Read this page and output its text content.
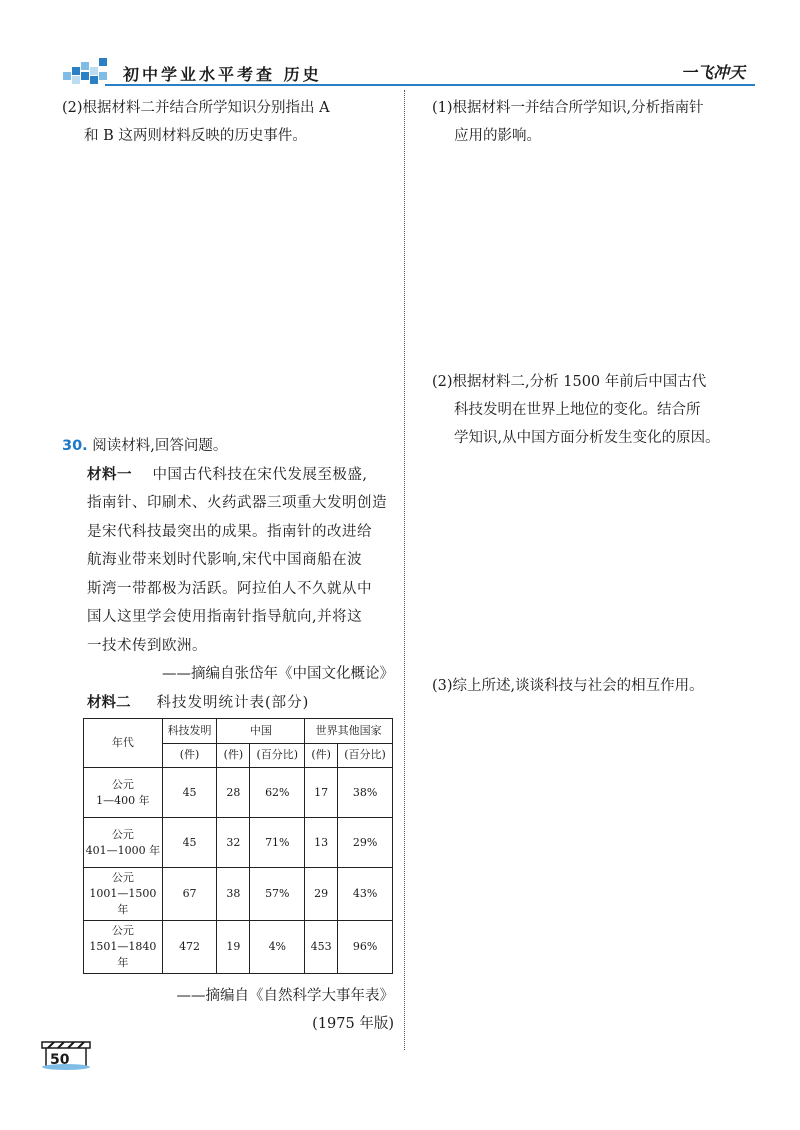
初中学业水平考查 历史	一飞冲天
(2)根据材料二并结合所学知识分别指出 A
和 B 这两则材料反映的历史事件。
30. 阅读材料,回答问题。
材料一 中国古代科技在宋代发展至极盛,
指南针、印刷术、火药武器三项重大发明创造
是宋代科技最突出的成果。指南针的改进给
航海业带来划时代影响,宋代中国商船在波
斯湾一带都极为活跃。阿拉伯人不久就从中
国人这里学会使用指南针指导航向,并将这
一技术传到欧洲。
——摘编自张岱年《中国文化概论》
材料二 科技发明统计表(部分)
年代	科技发明	中国		世界其他国家	
	(件)	(件)	(百分比)	(件)	(百分比)

公元
1—400 年	45	28	62%	17	38%

公元
401—1000 年	45	32	71%	13	29%

公元
1001—1500 年	67	38	57%	29	43%

公元
1501—1840 年	472	19	4%	453	96%
——摘编自《自然科学大事年表》
(1975 年版)
(1)根据材料一并结合所学知识,分析指南针
应用的影响。
(2)根据材料二,分析 1500 年前后中国古代
科技发明在世界上地位的变化。结合所
学知识,从中国方面分析发生变化的原因。
(3)综上所述,谈谈科技与社会的相互作用。
50
